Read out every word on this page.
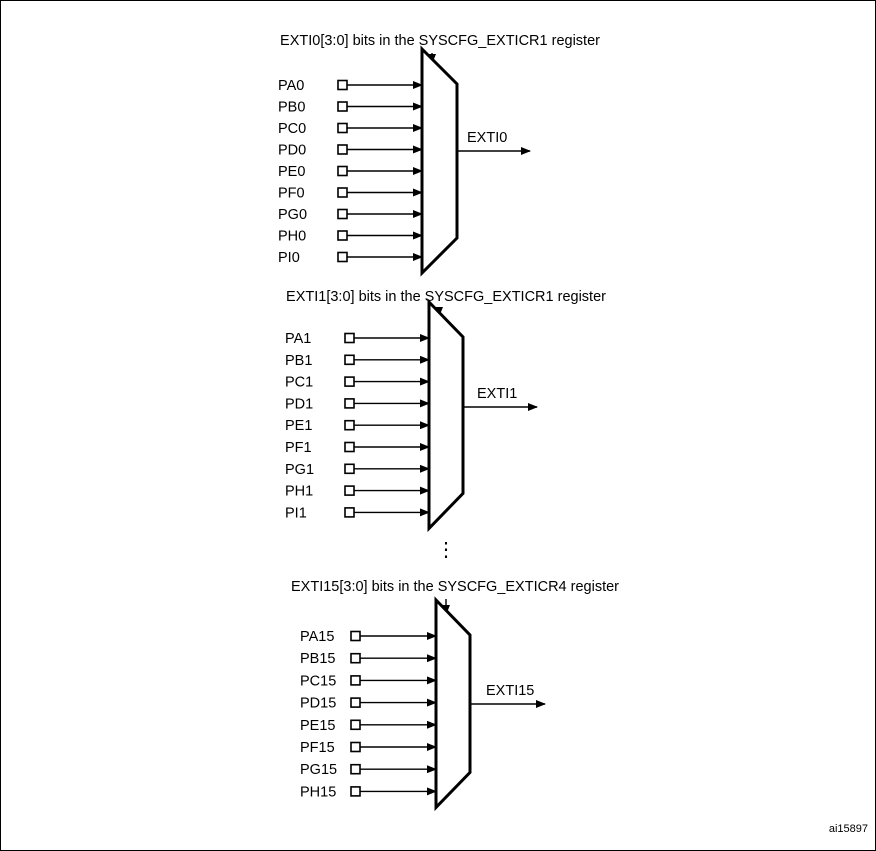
EXTI0[3:0] bits in the SYSCFG_EXTICR1 register
PA0
PB0
PC0
PD0
PE0
PF0
PG0
PH0
PI0
EXTI0
EXTI1[3:0] bits in the SYSCFG_EXTICR1 register
PA1
PB1
PC1
PD1
PE1
PF1
PG1
PH1
PI1
EXTI1
EXTI15[3:0] bits in the SYSCFG_EXTICR4 register
PA15
PB15
PC15
PD15
PE15
PF15
PG15
PH15
EXTI15
⋮
ai15897
